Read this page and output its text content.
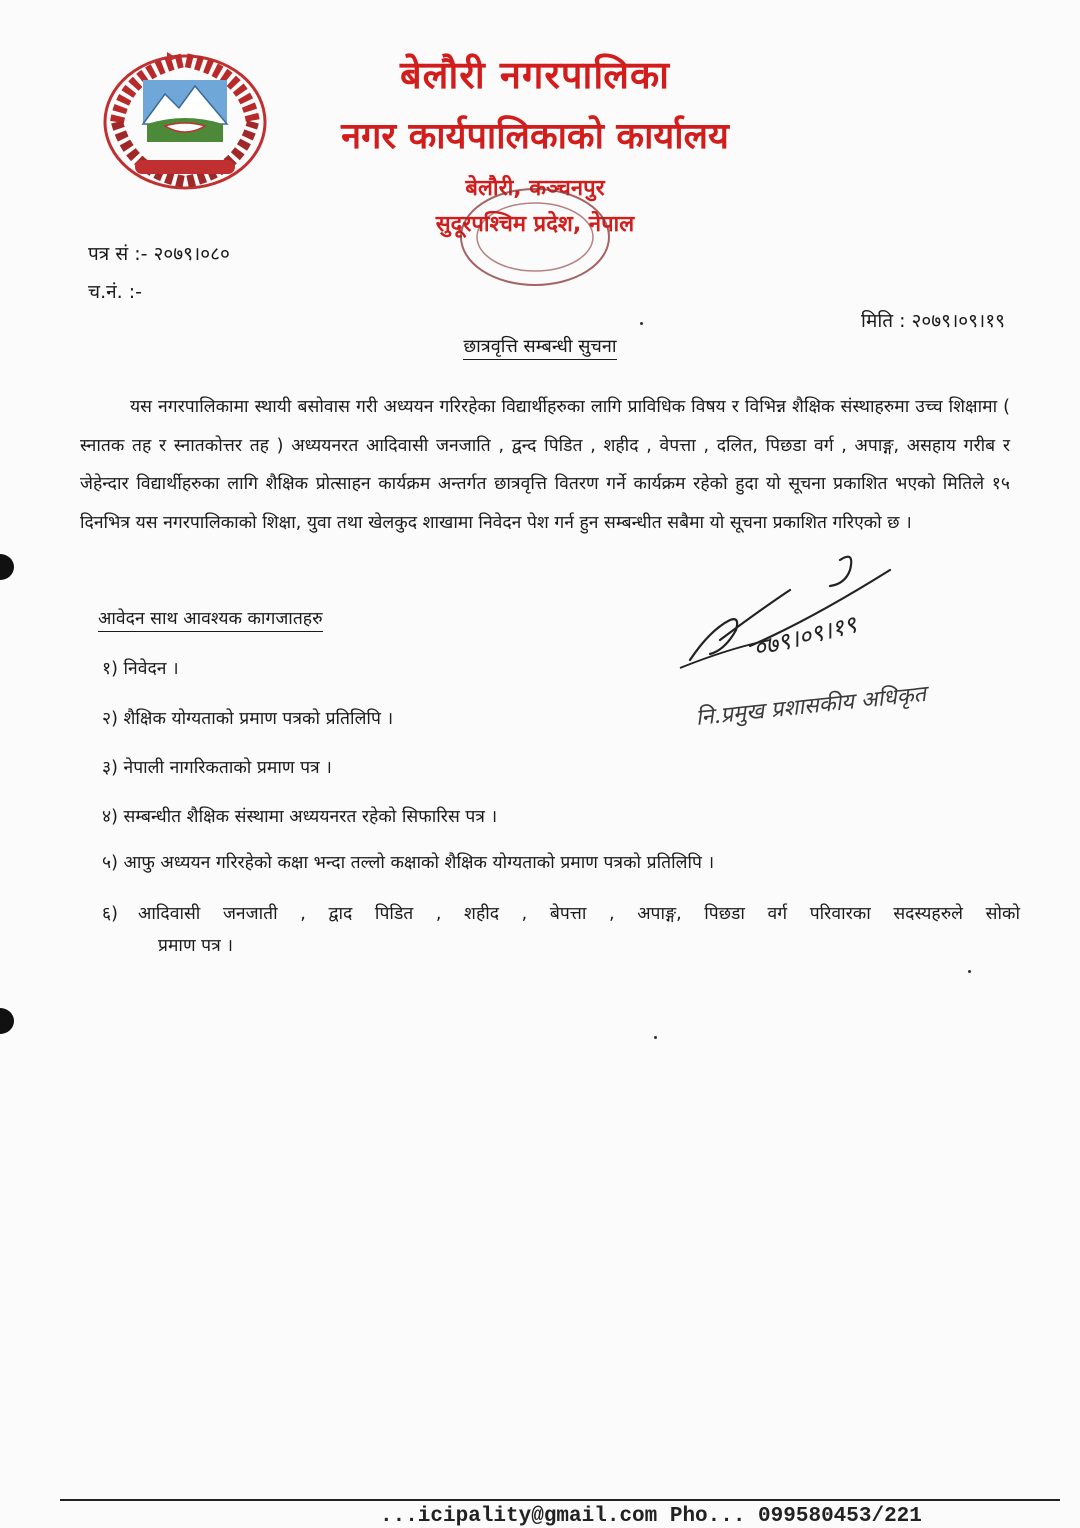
बेलौरी नगरपालिका
नगर कार्यपालिकाको कार्यालय
बेलौरी, कञ्चनपुर
सुदूरपश्चिम प्रदेश, नेपाल
पत्र सं :- २०७९।०८०
च.नं. :-
मिति : २०७९।०९।१९
छात्रवृत्ति सम्बन्धी सुचना
यस नगरपालिकामा स्थायी बसोवास गरी अध्ययन गरिरहेका विद्यार्थीहरुका लागि प्राविधिक विषय र विभिन्न शैक्षिक संस्थाहरुमा उच्च शिक्षामा ( स्नातक तह र स्नातकोत्तर तह ) अध्ययनरत आदिवासी जनजाति , द्वन्द पिडित , शहीद , वेपत्ता , दलित, पिछडा वर्ग , अपाङ्ग, असहाय गरीब र जेहेन्दार विद्यार्थीहरुका लागि शैक्षिक प्रोत्साहन कार्यक्रम अन्तर्गत छात्रवृत्ति वितरण गर्ने कार्यक्रम रहेको हुदा यो सूचना प्रकाशित भएको मितिले १५ दिनभित्र यस नगरपालिकाको शिक्षा, युवा तथा खेलकुद शाखामा निवेदन पेश गर्न हुन सम्बन्धीत सबैमा यो सूचना प्रकाशित गरिएको छ ।
आवेदन साथ आवश्यक कागजातहरु
१) निवेदन ।
२) शैक्षिक योग्यताको प्रमाण पत्रको प्रतिलिपि ।
३) नेपाली नागरिकताको प्रमाण पत्र ।
४) सम्बन्धीत शैक्षिक संस्थामा अध्ययनरत रहेको सिफारिस पत्र ।
५) आफु अध्ययन गरिरहेको कक्षा भन्दा तल्लो कक्षाको शैक्षिक योग्यताको प्रमाण पत्रको प्रतिलिपि ।
६) आदिवासी जनजाती , द्वाद पिडित , शहीद , बेपत्ता , अपाङ्ग, पिछडा वर्ग परिवारका सदस्यहरुले सोको
प्रमाण पत्र ।
०७९।०९।१९
नि.प्रमुख प्रशासकीय अधिकृत
...icipality@gmail.com Pho... 099580453/221
